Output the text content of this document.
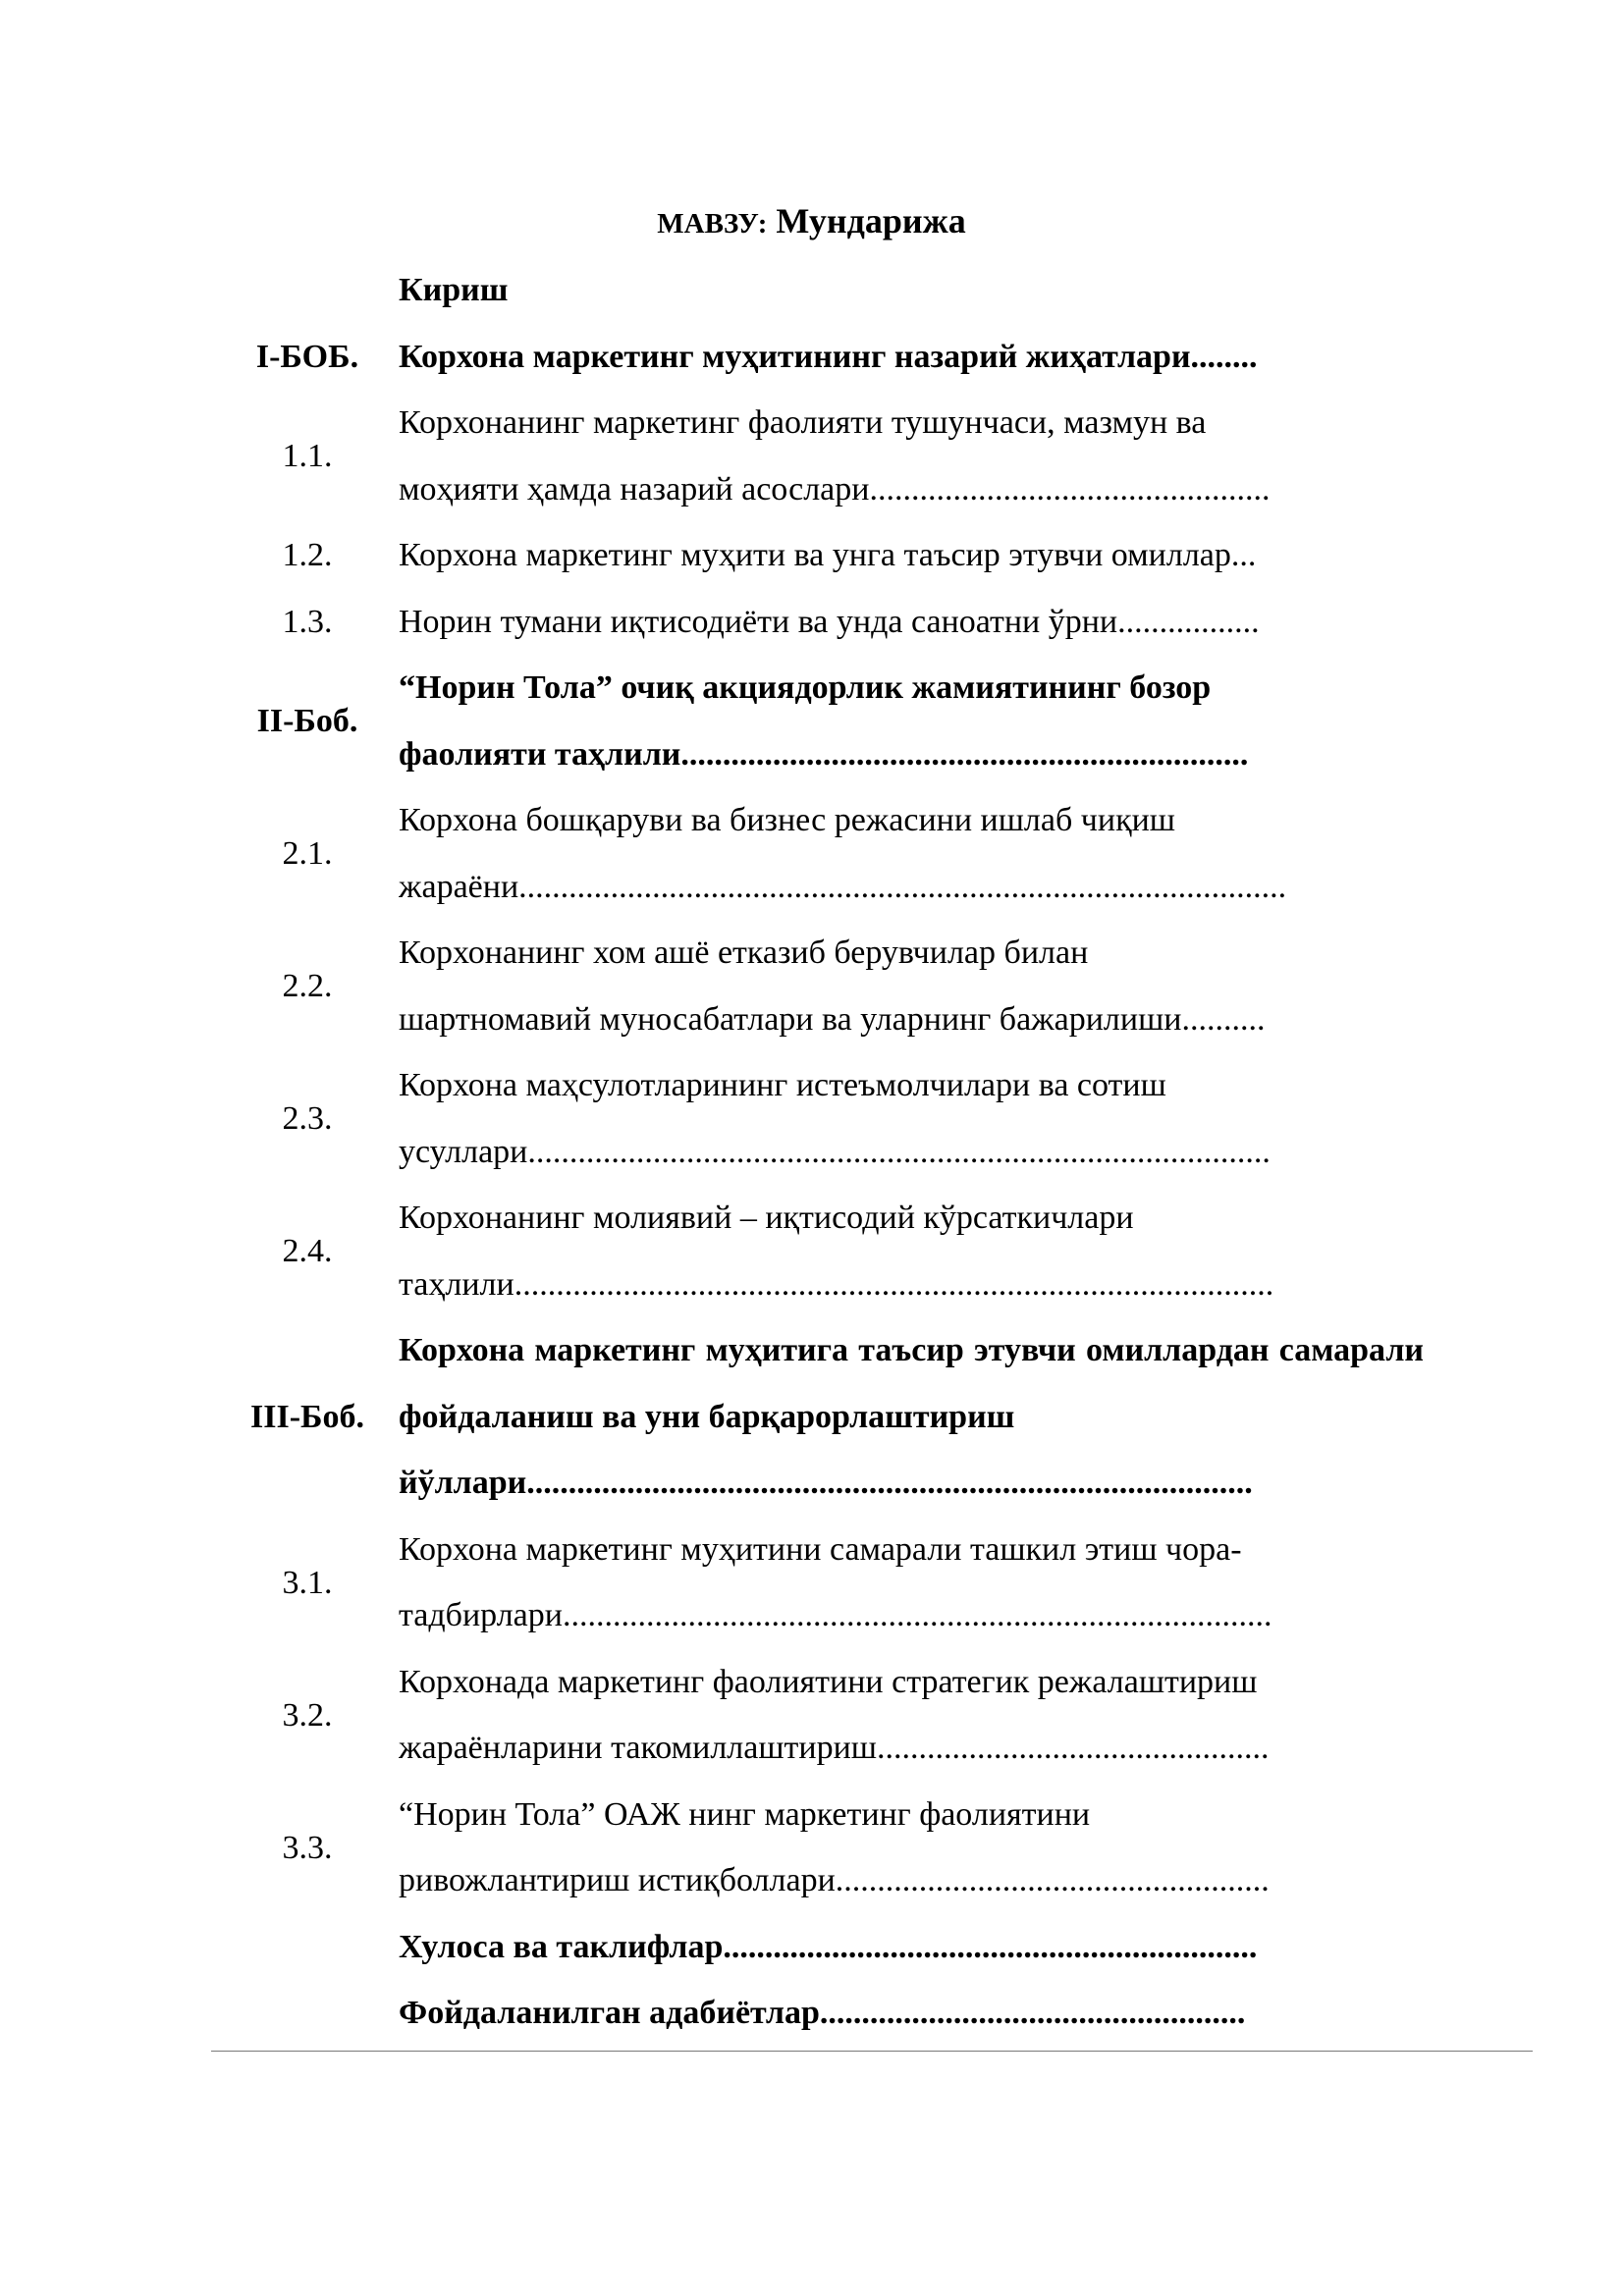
МАВЗУ: Мундарижа

	Кириш

I-БОБ.	Корхона маркетинг муҳитининг назарий жиҳатлари........

1.1.	Корхонанинг маркетинг фаолияти тушунчаси, мазмун ва
моҳияти ҳамда назарий асослари................................................

1.2.	Корхона маркетинг муҳити ва унга таъсир этувчи омиллар...

1.3.	Норин тумани иқтисодиёти ва унда саноатни ўрни.................

II-Боб.	“Норин Тола” очиқ акциядорлик жамиятининг бозор
фаолияти таҳлили....................................................................

2.1.	Корхона бошқаруви ва бизнес режасини ишлаб чиқиш
жараёни............................................................................................

2.2.	Корхонанинг хом ашё етказиб берувчилар билан
шартномавий муносабатлари ва уларнинг бажарилиши..........

2.3.	Корхона маҳсулотларининг истеъмолчилари ва сотиш
усуллари.........................................................................................

2.4.	Корхонанинг молиявий – иқтисодий кўрсаткичлари
таҳлили...........................................................................................

III-Боб.	Корхона маркетинг муҳитига таъсир этувчи омиллардан самарали фойдаланиш ва уни барқарорлаштириш
йўллари.......................................................................................

3.1.	Корхона маркетинг муҳитини самарали ташкил этиш чора-
тадбирлари.....................................................................................

3.2.	Корхонада маркетинг фаолиятини стратегик режалаштириш
жараёнларини такомиллаштириш...............................................

3.3.	“Норин Тола” ОАЖ нинг маркетинг фаолиятини
ривожлантириш истиқболлари....................................................

	Хулоса ва таклифлар................................................................

	Фойдаланилган адабиётлар...................................................
